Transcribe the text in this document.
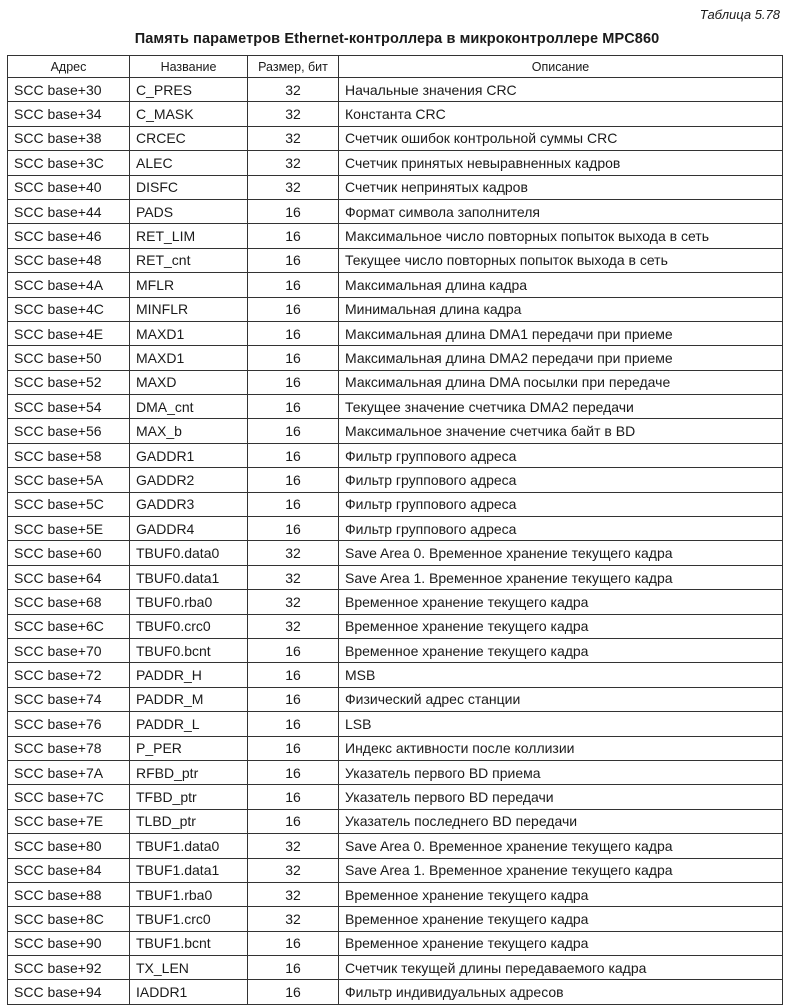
Таблица 5.78
Память параметров Ethernet-контроллера в микроконтроллере MPC860
Адрес	Название	Размер, бит	Описание
SCC base+30	C_PRES	32	Начальные значения CRC
SCC base+34	C_MASK	32	Константа CRC
SCC base+38	CRCEC	32	Счетчик ошибок контрольной суммы CRC
SCC base+3C	ALEC	32	Счетчик принятых невыравненных кадров
SCC base+40	DISFC	32	Счетчик непринятых кадров
SCC base+44	PADS	16	Формат символа заполнителя
SCC base+46	RET_LIM	16	Максимальное число повторных попыток выхода в сеть
SCC base+48	RET_cnt	16	Текущее число повторных попыток выхода в сеть
SCC base+4A	MFLR	16	Максимальная длина кадра
SCC base+4C	MINFLR	16	Минимальная длина кадра
SCC base+4E	MAXD1	16	Максимальная длина DMA1 передачи при приеме
SCC base+50	MAXD1	16	Максимальная длина DMA2 передачи при приеме
SCC base+52	MAXD	16	Максимальная длина DMA посылки при передаче
SCC base+54	DMA_cnt	16	Текущее значение счетчика DMA2 передачи
SCC base+56	MAX_b	16	Максимальное значение счетчика байт в BD
SCC base+58	GADDR1	16	Фильтр группового адреса
SCC base+5A	GADDR2	16	Фильтр группового адреса
SCC base+5C	GADDR3	16	Фильтр группового адреса
SCC base+5E	GADDR4	16	Фильтр группового адреса
SCC base+60	TBUF0.data0	32	Save Area 0. Временное хранение текущего кадра
SCC base+64	TBUF0.data1	32	Save Area 1. Временное хранение текущего кадра
SCC base+68	TBUF0.rba0	32	Временное хранение текущего кадра
SCC base+6C	TBUF0.crc0	32	Временное хранение текущего кадра
SCC base+70	TBUF0.bcnt	16	Временное хранение текущего кадра
SCC base+72	PADDR_H	16	MSB
SCC base+74	PADDR_M	16	Физический адрес станции
SCC base+76	PADDR_L	16	LSB
SCC base+78	P_PER	16	Индекс активности после коллизии
SCC base+7A	RFBD_ptr	16	Указатель первого BD приема
SCC base+7C	TFBD_ptr	16	Указатель первого BD передачи
SCC base+7E	TLBD_ptr	16	Указатель последнего BD передачи
SCC base+80	TBUF1.data0	32	Save Area 0. Временное хранение текущего кадра
SCC base+84	TBUF1.data1	32	Save Area 1. Временное хранение текущего кадра
SCC base+88	TBUF1.rba0	32	Временное хранение текущего кадра
SCC base+8C	TBUF1.crc0	32	Временное хранение текущего кадра
SCC base+90	TBUF1.bcnt	16	Временное хранение текущего кадра
SCC base+92	TX_LEN	16	Счетчик текущей длины передаваемого кадра
SCC base+94	IADDR1	16	Фильтр индивидуальных адресов
